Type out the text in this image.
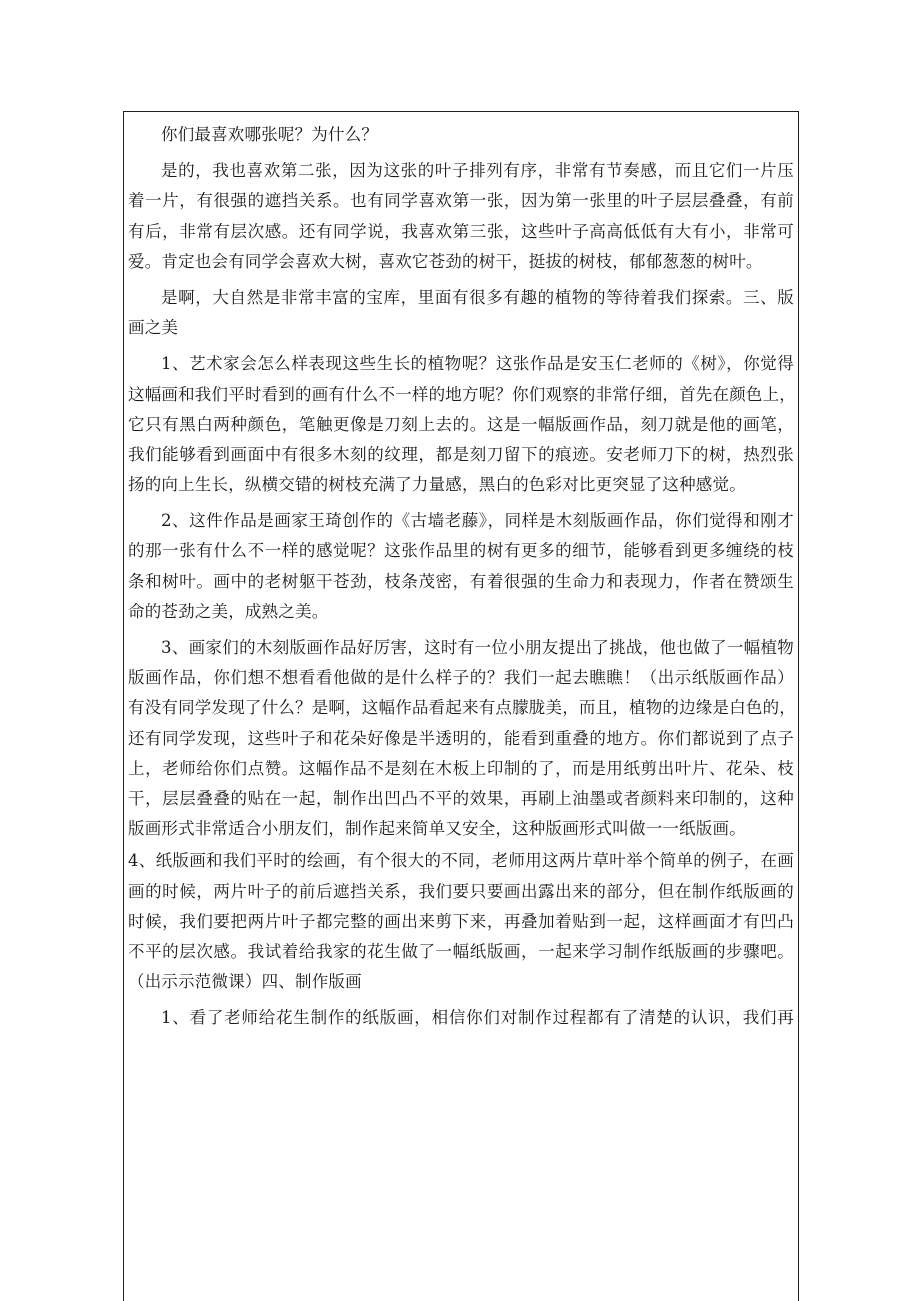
你们最喜欢哪张呢？为什么？
是的，我也喜欢第二张，因为这张的叶子排列有序，非常有节奏感，而且它们一片压
着一片，有很强的遮挡关系。也有同学喜欢第一张，因为第一张里的叶子层层叠叠，有前
有后，非常有层次感。还有同学说，我喜欢第三张，这些叶子高高低低有大有小，非常可
爱。肯定也会有同学会喜欢大树，喜欢它苍劲的树干，挺拔的树枝，郁郁葱葱的树叶。
是啊，大自然是非常丰富的宝库，里面有很多有趣的植物的等待着我们探索。三、版
画之美
1、艺术家会怎么样表现这些生长的植物呢？这张作品是安玉仁老师的《树》，你觉得
这幅画和我们平时看到的画有什么不一样的地方呢？你们观察的非常仔细，首先在颜色上，
它只有黑白两种颜色，笔触更像是刀刻上去的。这是一幅版画作品，刻刀就是他的画笔，
我们能够看到画面中有很多木刻的纹理，都是刻刀留下的痕迹。安老师刀下的树，热烈张
扬的向上生长，纵横交错的树枝充满了力量感，黑白的色彩对比更突显了这种感觉。
2、这件作品是画家王琦创作的《古墙老藤》，同样是木刻版画作品，你们觉得和刚才
的那一张有什么不一样的感觉呢？这张作品里的树有更多的细节，能够看到更多缠绕的枝
条和树叶。画中的老树躯干苍劲，枝条茂密，有着很强的生命力和表现力，作者在赞颂生
命的苍劲之美，成熟之美。
3、画家们的木刻版画作品好厉害，这时有一位小朋友提出了挑战，他也做了一幅植物
版画作品，你们想不想看看他做的是什么样子的？我们一起去瞧瞧！（出示纸版画作品）
有没有同学发现了什么？是啊，这幅作品看起来有点朦胧美，而且，植物的边缘是白色的，
还有同学发现，这些叶子和花朵好像是半透明的，能看到重叠的地方。你们都说到了点子
上，老师给你们点赞。这幅作品不是刻在木板上印制的了，而是用纸剪出叶片、花朵、枝
干，层层叠叠的贴在一起，制作出凹凸不平的效果，再刷上油墨或者颜料来印制的，这种
版画形式非常适合小朋友们，制作起来简单又安全，这种版画形式叫做一一纸版画。
4、纸版画和我们平时的绘画，有个很大的不同，老师用这两片草叶举个简单的例子，在画
画的时候，两片叶子的前后遮挡关系，我们要只要画出露出来的部分，但在制作纸版画的
时候，我们要把两片叶子都完整的画出来剪下来，再叠加着贴到一起，这样画面才有凹凸
不平的层次感。我试着给我家的花生做了一幅纸版画，一起来学习制作纸版画的步骤吧。
（出示示范微课）四、制作版画
1、看了老师给花生制作的纸版画，相信你们对制作过程都有了清楚的认识，我们再
